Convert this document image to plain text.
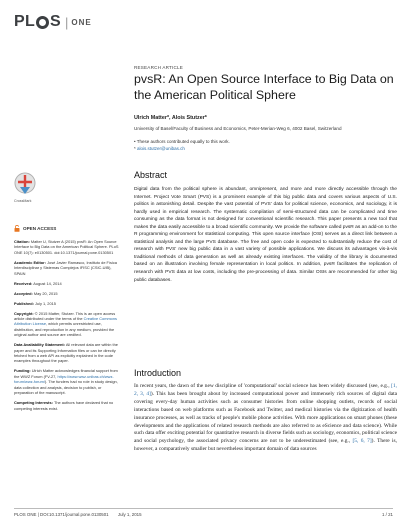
PL S | ONE
RESEARCH ARTICLE
pvsR: An Open Source Interface to Big Data on the American Political Sphere
Ulrich Matter*, Alois Stutzer*
University of Basel/Faculty of Business and Economics, Peter-Merian-Weg 6, 4002 Basel, Switzerland
• These authors contributed equally to this work.
* alois.stutzer@unibas.ch
CrossMark
OPEN ACCESS

Citation: Matter U, Stutzer A (2015) pvsR: An Open Source Interface to Big Data on the American Political Sphere. PLoS ONE 10(7): e0130501. doi:10.1371/journal.pone.0130501

Academic Editor: José Javier Ramasco, Instituto de Física Interdisciplinar y Sistemas Complejos IFISC (CSIC-UIB), SPAIN

Received: August 14, 2014

Accepted: May 20, 2015

Published: July 1, 2015

Copyright: © 2015 Matter, Stutzer. This is an open access article distributed under the terms of the Creative Commons Attribution License, which permits unrestricted use, distribution, and reproduction in any medium, provided the original author and source are credited.

Data Availability Statement: All relevant data are within the paper and its Supporting Information files or can be directly fetched from a web API as explicitly explained in the code examples throughout the paper.

Funding: Ulrich Matter acknowledges financial support from the WWZ Forum (FV-27, https://www.wwz.unibas.ch/wwz-forum/wwz-forum/). The funders had no role in study design, data collection and analysis, decision to publish, or preparation of the manuscript.

Competing Interests: The authors have declared that no competing interests exist.

Abstract
Digital data from the political sphere is abundant, omnipresent, and more and more directly accessible through the Internet. Project Vote Smart (PVS) is a prominent example of this big public data and covers various aspects of U.S. politics in astonishing detail. Despite the vast potential of PVS' data for political science, economics, and sociology, it is hardly used in empirical research. The systematic compilation of semi-structured data can be complicated and time consuming as the data format is not designed for conventional scientific research. This paper presents a new tool that makes the data easily accessible to a broad scientific community. We provide the software called pvsR as an add-on to the R programming environment for statistical computing. This open source interface (OSI) serves as a direct link between a statistical analysis and the large PVS database. The free and open code is expected to substantially reduce the cost of research with PVS' new big public data in a vast variety of possible applications. We discuss its advantages vis-à-vis traditional methods of data generation as well as already existing interfaces. The validity of the library is documented based on an illustration involving female representation in local politics. In addition, pvsR facilitates the replication of research with PVS data at low costs, including the pre-processing of data. Similar OSIs are recommended for other big public databases.
Introduction
In recent years, the dawn of the new discipline of 'computational' social science has been widely discussed (see, e.g., [1, 2, 3, 4]). This has been brought about by increased computational power and immensely rich sources of digital data covering every-day human activities such as consumer histories from online shopping outlets, records of social interactions based on web platforms such as Facebook and Twitter, and medical histories via the digitization of health insurance processes, as well as tracks of people's mobile phone activities. With more applications on smart phones (these developments and the applications of related research methods are also referred to as eScience and data science). While such data offer exciting potential for quantitative research in diverse fields such as sociology, economics, political science and social psychology, the associated privacy concerns are not to be underestimated (see, e.g., [5, 6, 7]). There is, however, a comparatively smaller but nevertheless important domain of data sources
PLOS ONE | DOI:10.1371/journal.pone.0130501 July 1, 2015	1 / 21
